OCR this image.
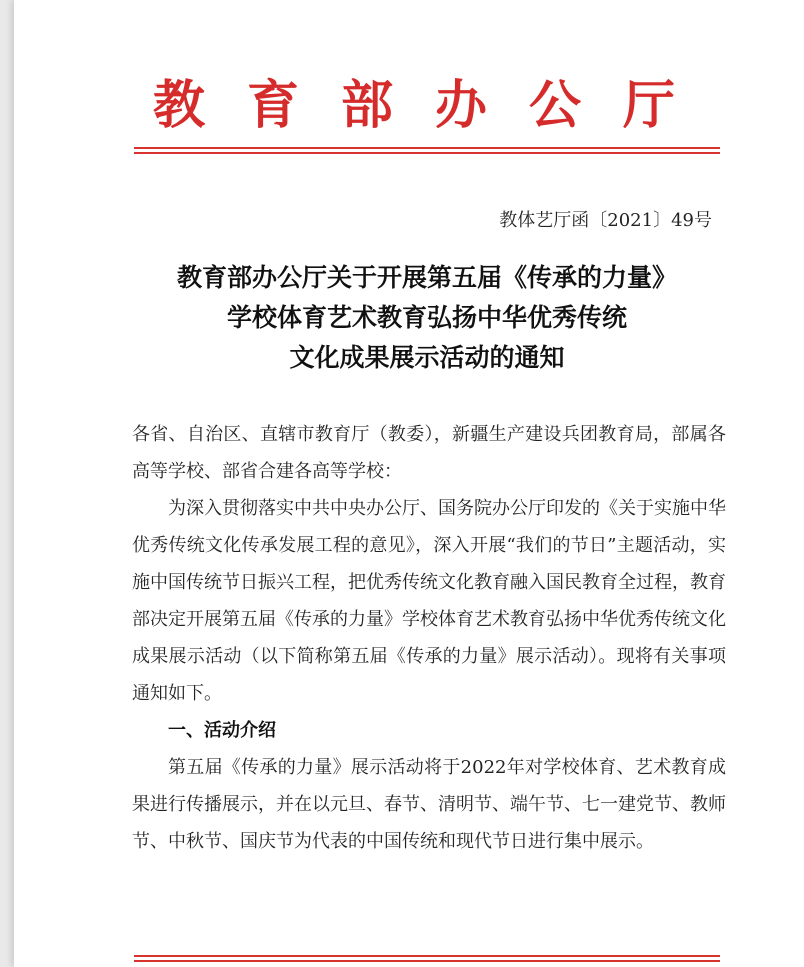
教育部办公厅
教体艺厅函〔2021〕49号
教育部办公厅关于开展第五届《传承的力量》
学校体育艺术教育弘扬中华优秀传统
文化成果展示活动的通知

各省、自治区、直辖市教育厅（教委），新疆生产建设兵团教育局，部属各高等学校、部省合建各高等学校：

为深入贯彻落实中共中央办公厅、国务院办公厅印发的《关于实施中华优秀传统文化传承发展工程的意见》，深入开展“我们的节日”主题活动，实施中国传统节日振兴工程，把优秀传统文化教育融入国民教育全过程，教育部决定开展第五届《传承的力量》学校体育艺术教育弘扬中华优秀传统文化成果展示活动（以下简称第五届《传承的力量》展示活动）。现将有关事项通知如下。

一、活动介绍

第五届《传承的力量》展示活动将于2022年对学校体育、艺术教育成果进行传播展示，并在以元旦、春节、清明节、端午节、七一建党节、教师节、中秋节、国庆节为代表的中国传统和现代节日进行集中展示。
